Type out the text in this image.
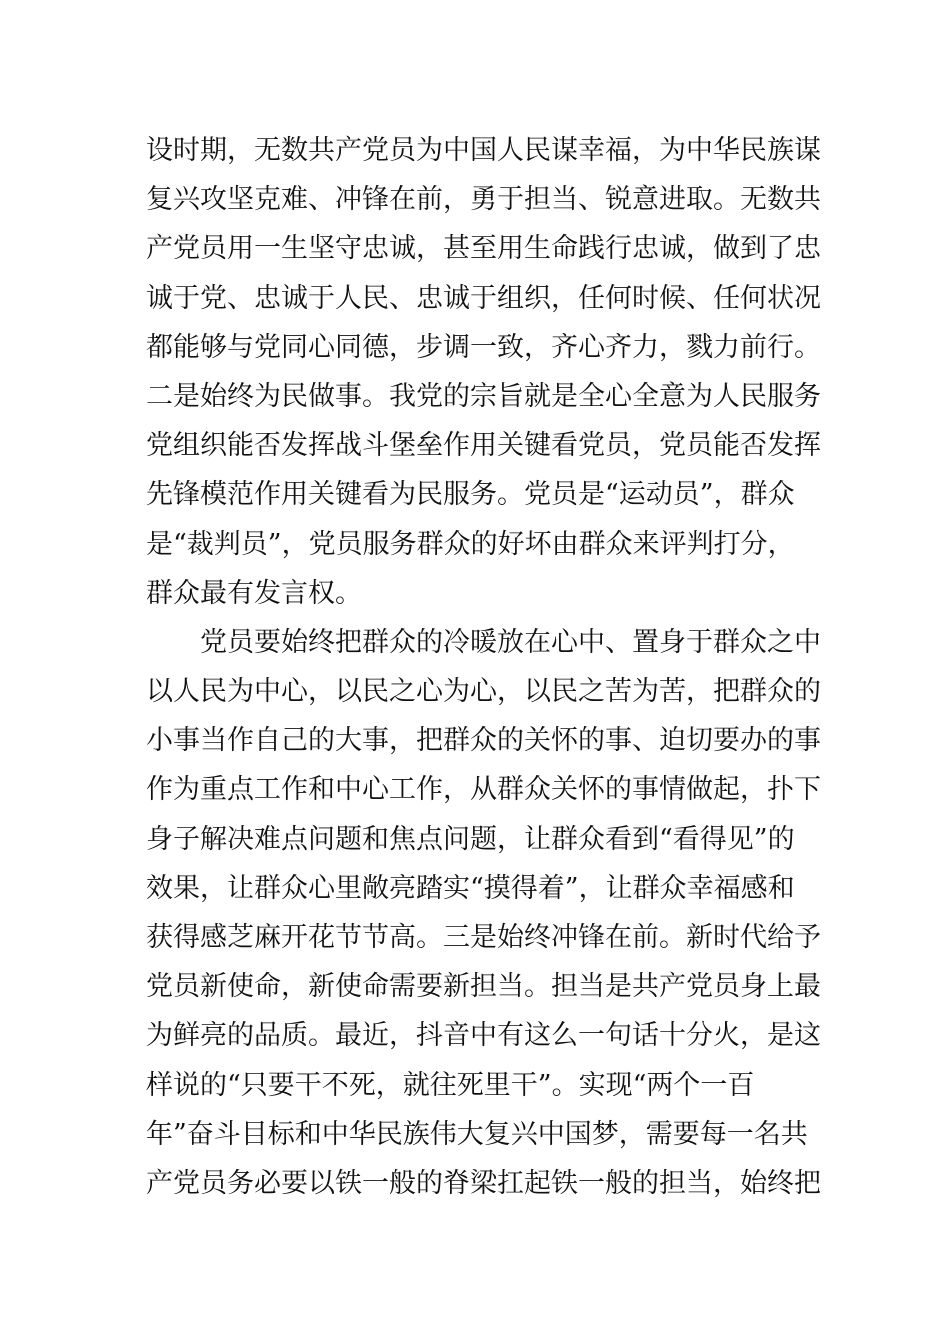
设时期，无数共产党员为中国人民谋幸福，为中华民族谋
复兴攻坚克难、冲锋在前，勇于担当、锐意进取。无数共
产党员用一生坚守忠诚，甚至用生命践行忠诚，做到了忠
诚于党、忠诚于人民、忠诚于组织，任何时候、任何状况
都能够与党同心同德，步调一致，齐心齐力，戮力前行。
二是始终为民做事。我党的宗旨就是全心全意为人民服务
党组织能否发挥战斗堡垒作用关键看党员，党员能否发挥
先锋模范作用关键看为民服务。党员是“运动员”，群众
是“裁判员”，党员服务群众的好坏由群众来评判打分，
群众最有发言权。
党员要始终把群众的冷暖放在心中、置身于群众之中
以人民为中心，以民之心为心，以民之苦为苦，把群众的
小事当作自己的大事，把群众的关怀的事、迫切要办的事
作为重点工作和中心工作，从群众关怀的事情做起，扑下
身子解决难点问题和焦点问题，让群众看到“看得见”的
效果，让群众心里敞亮踏实“摸得着”，让群众幸福感和
获得感芝麻开花节节高。三是始终冲锋在前。新时代给予
党员新使命，新使命需要新担当。担当是共产党员身上最
为鲜亮的品质。最近，抖音中有这么一句话十分火，是这
样说的“只要干不死，就往死里干”。实现“两个一百
年”奋斗目标和中华民族伟大复兴中国梦，需要每一名共
产党员务必要以铁一般的脊梁扛起铁一般的担当，始终把
